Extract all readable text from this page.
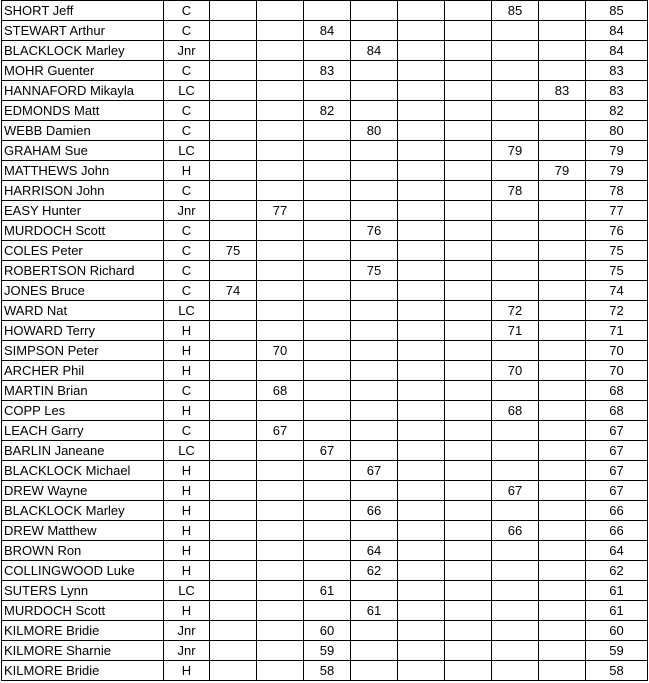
SHORT Jeff	C							85		85
STEWART Arthur	C			84						84
BLACKLOCK Marley	Jnr				84					84
MOHR Guenter	C			83						83
HANNAFORD Mikayla	LC								83	83
EDMONDS Matt	C			82						82
WEBB Damien	C				80					80
GRAHAM Sue	LC							79		79
MATTHEWS John	H								79	79
HARRISON John	C							78		78
EASY Hunter	Jnr		77							77
MURDOCH Scott	C				76					76
COLES Peter	C	75								75
ROBERTSON Richard	C				75					75
JONES Bruce	C	74								74
WARD Nat	LC							72		72
HOWARD Terry	H							71		71
SIMPSON Peter	H		70							70
ARCHER Phil	H							70		70
MARTIN Brian	C		68							68
COPP Les	H							68		68
LEACH Garry	C		67							67
BARLIN Janeane	LC			67						67
BLACKLOCK Michael	H				67					67
DREW Wayne	H							67		67
BLACKLOCK Marley	H				66					66
DREW Matthew	H							66		66
BROWN Ron	H				64					64
COLLINGWOOD Luke	H				62					62
SUTERS Lynn	LC			61						61
MURDOCH Scott	H				61					61
KILMORE Bridie	Jnr			60						60
KILMORE Sharnie	Jnr			59						59
KILMORE Bridie	H			58						58
